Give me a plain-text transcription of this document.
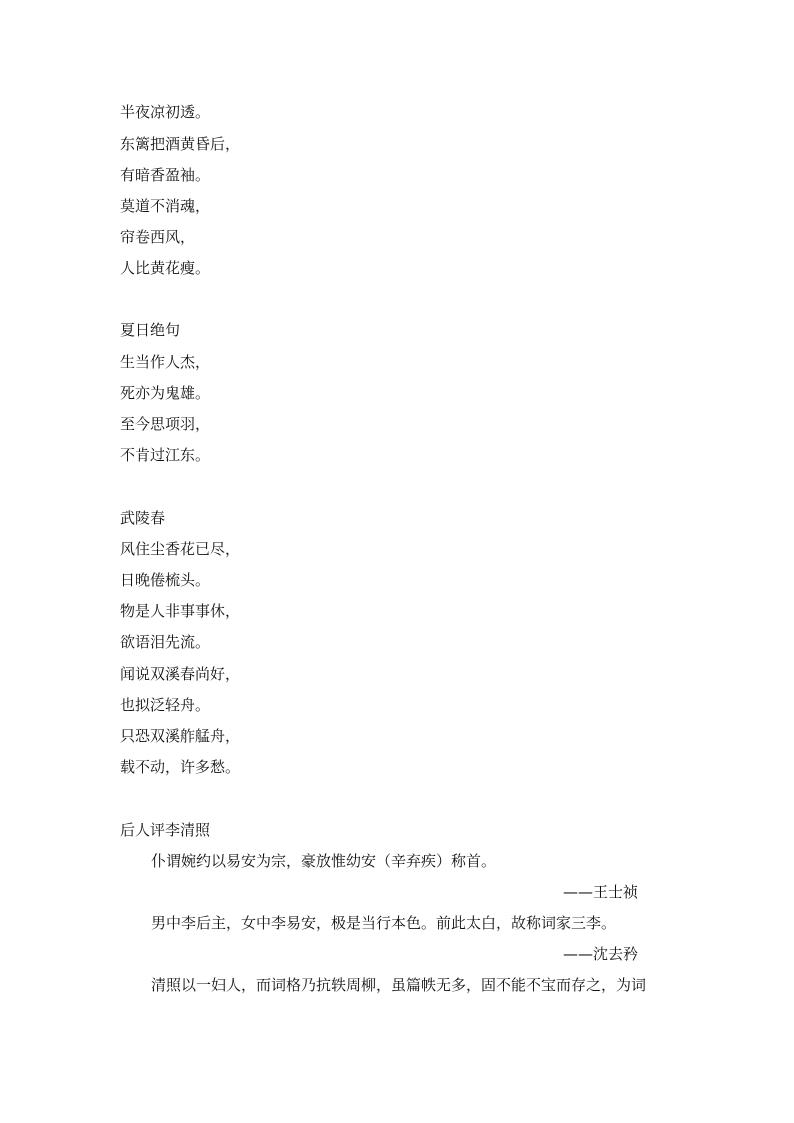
半夜凉初透。
东篱把酒黄昏后，
有暗香盈袖。
莫道不消魂，
帘卷西风，
人比黄花瘦。
夏日绝句
生当作人杰，
死亦为鬼雄。
至今思项羽，
不肯过江东。
武陵春
风住尘香花已尽，
日晚倦梳头。
物是人非事事休，
欲语泪先流。
闻说双溪春尚好，
也拟泛轻舟。
只恐双溪舴艋舟，
载不动，许多愁。
后人评李清照
仆谓婉约以易安为宗，豪放惟幼安（辛弃疾）称首。
——王士祯
男中李后主，女中李易安，极是当行本色。前此太白，故称词家三李。
——沈去矜
清照以一妇人，而词格乃抗轶周柳，虽篇帙无多，固不能不宝而存之，为词
